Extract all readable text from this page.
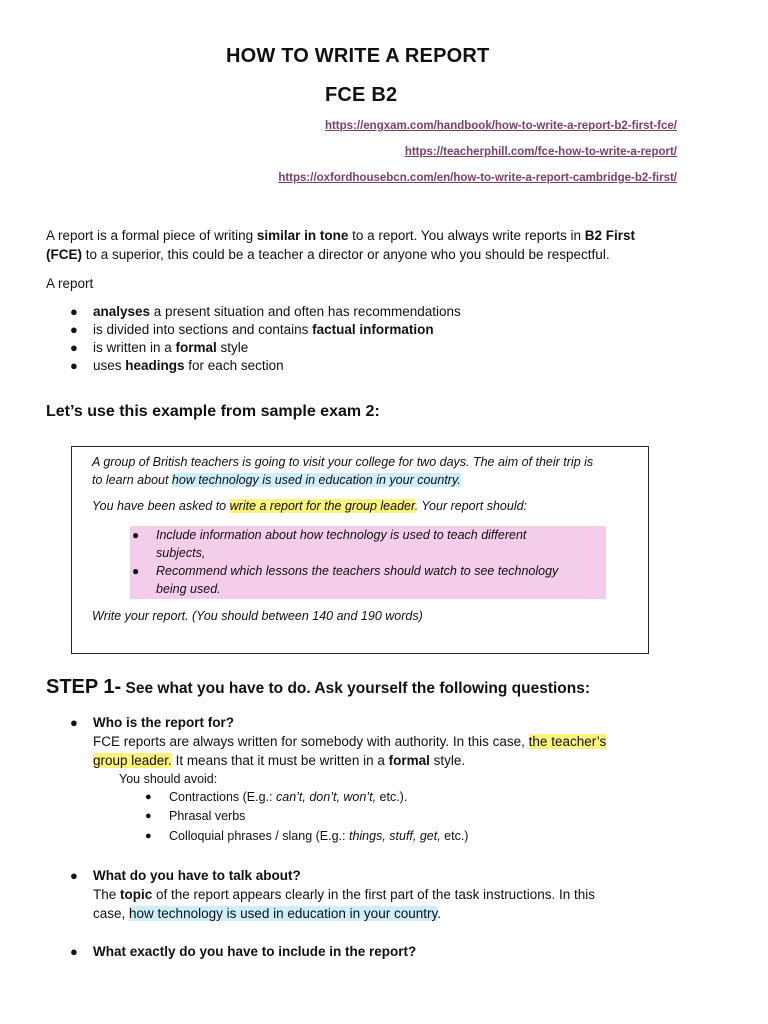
HOW TO WRITE A REPORT
FCE B2
https://engxam.com/handbook/how-to-write-a-report-b2-first-fce/
https://teacherphill.com/fce-how-to-write-a-report/
https://oxfordhousebcn.com/en/how-to-write-a-report-cambridge-b2-first/
A report is a formal piece of writing similar in tone to a report. You always write reports in B2 First
(FCE) to a superior, this could be a teacher a director or anyone who you should be respectful.
A report
● analyses a present situation and often has recommendations
● is divided into sections and contains factual information
● is written in a formal style
● uses headings for each section
Let’s use this example from sample exam 2:
A group of British teachers is going to visit your college for two days. The aim of their trip is
to learn about how technology is used in education in your country.
You have been asked to write a report for the group leader. Your report should:
● Include information about how technology is used to teach different
subjects,
● Recommend which lessons the teachers should watch to see technology
being used.
Write your report. (You should between 140 and 190 words)
STEP 1- See what you have to do. Ask yourself the following questions:
● Who is the report for?
FCE reports are always written for somebody with authority. In this case, the teacher’s
group leader. It means that it must be written in a formal style.
You should avoid:
● Contractions (E.g.: can’t, don’t, won’t, etc.).
● Phrasal verbs
● Colloquial phrases / slang (E.g.: things, stuff, get, etc.)
● What do you have to talk about?
The topic of the report appears clearly in the first part of the task instructions. In this
case, how technology is used in education in your country.
● What exactly do you have to include in the report?
